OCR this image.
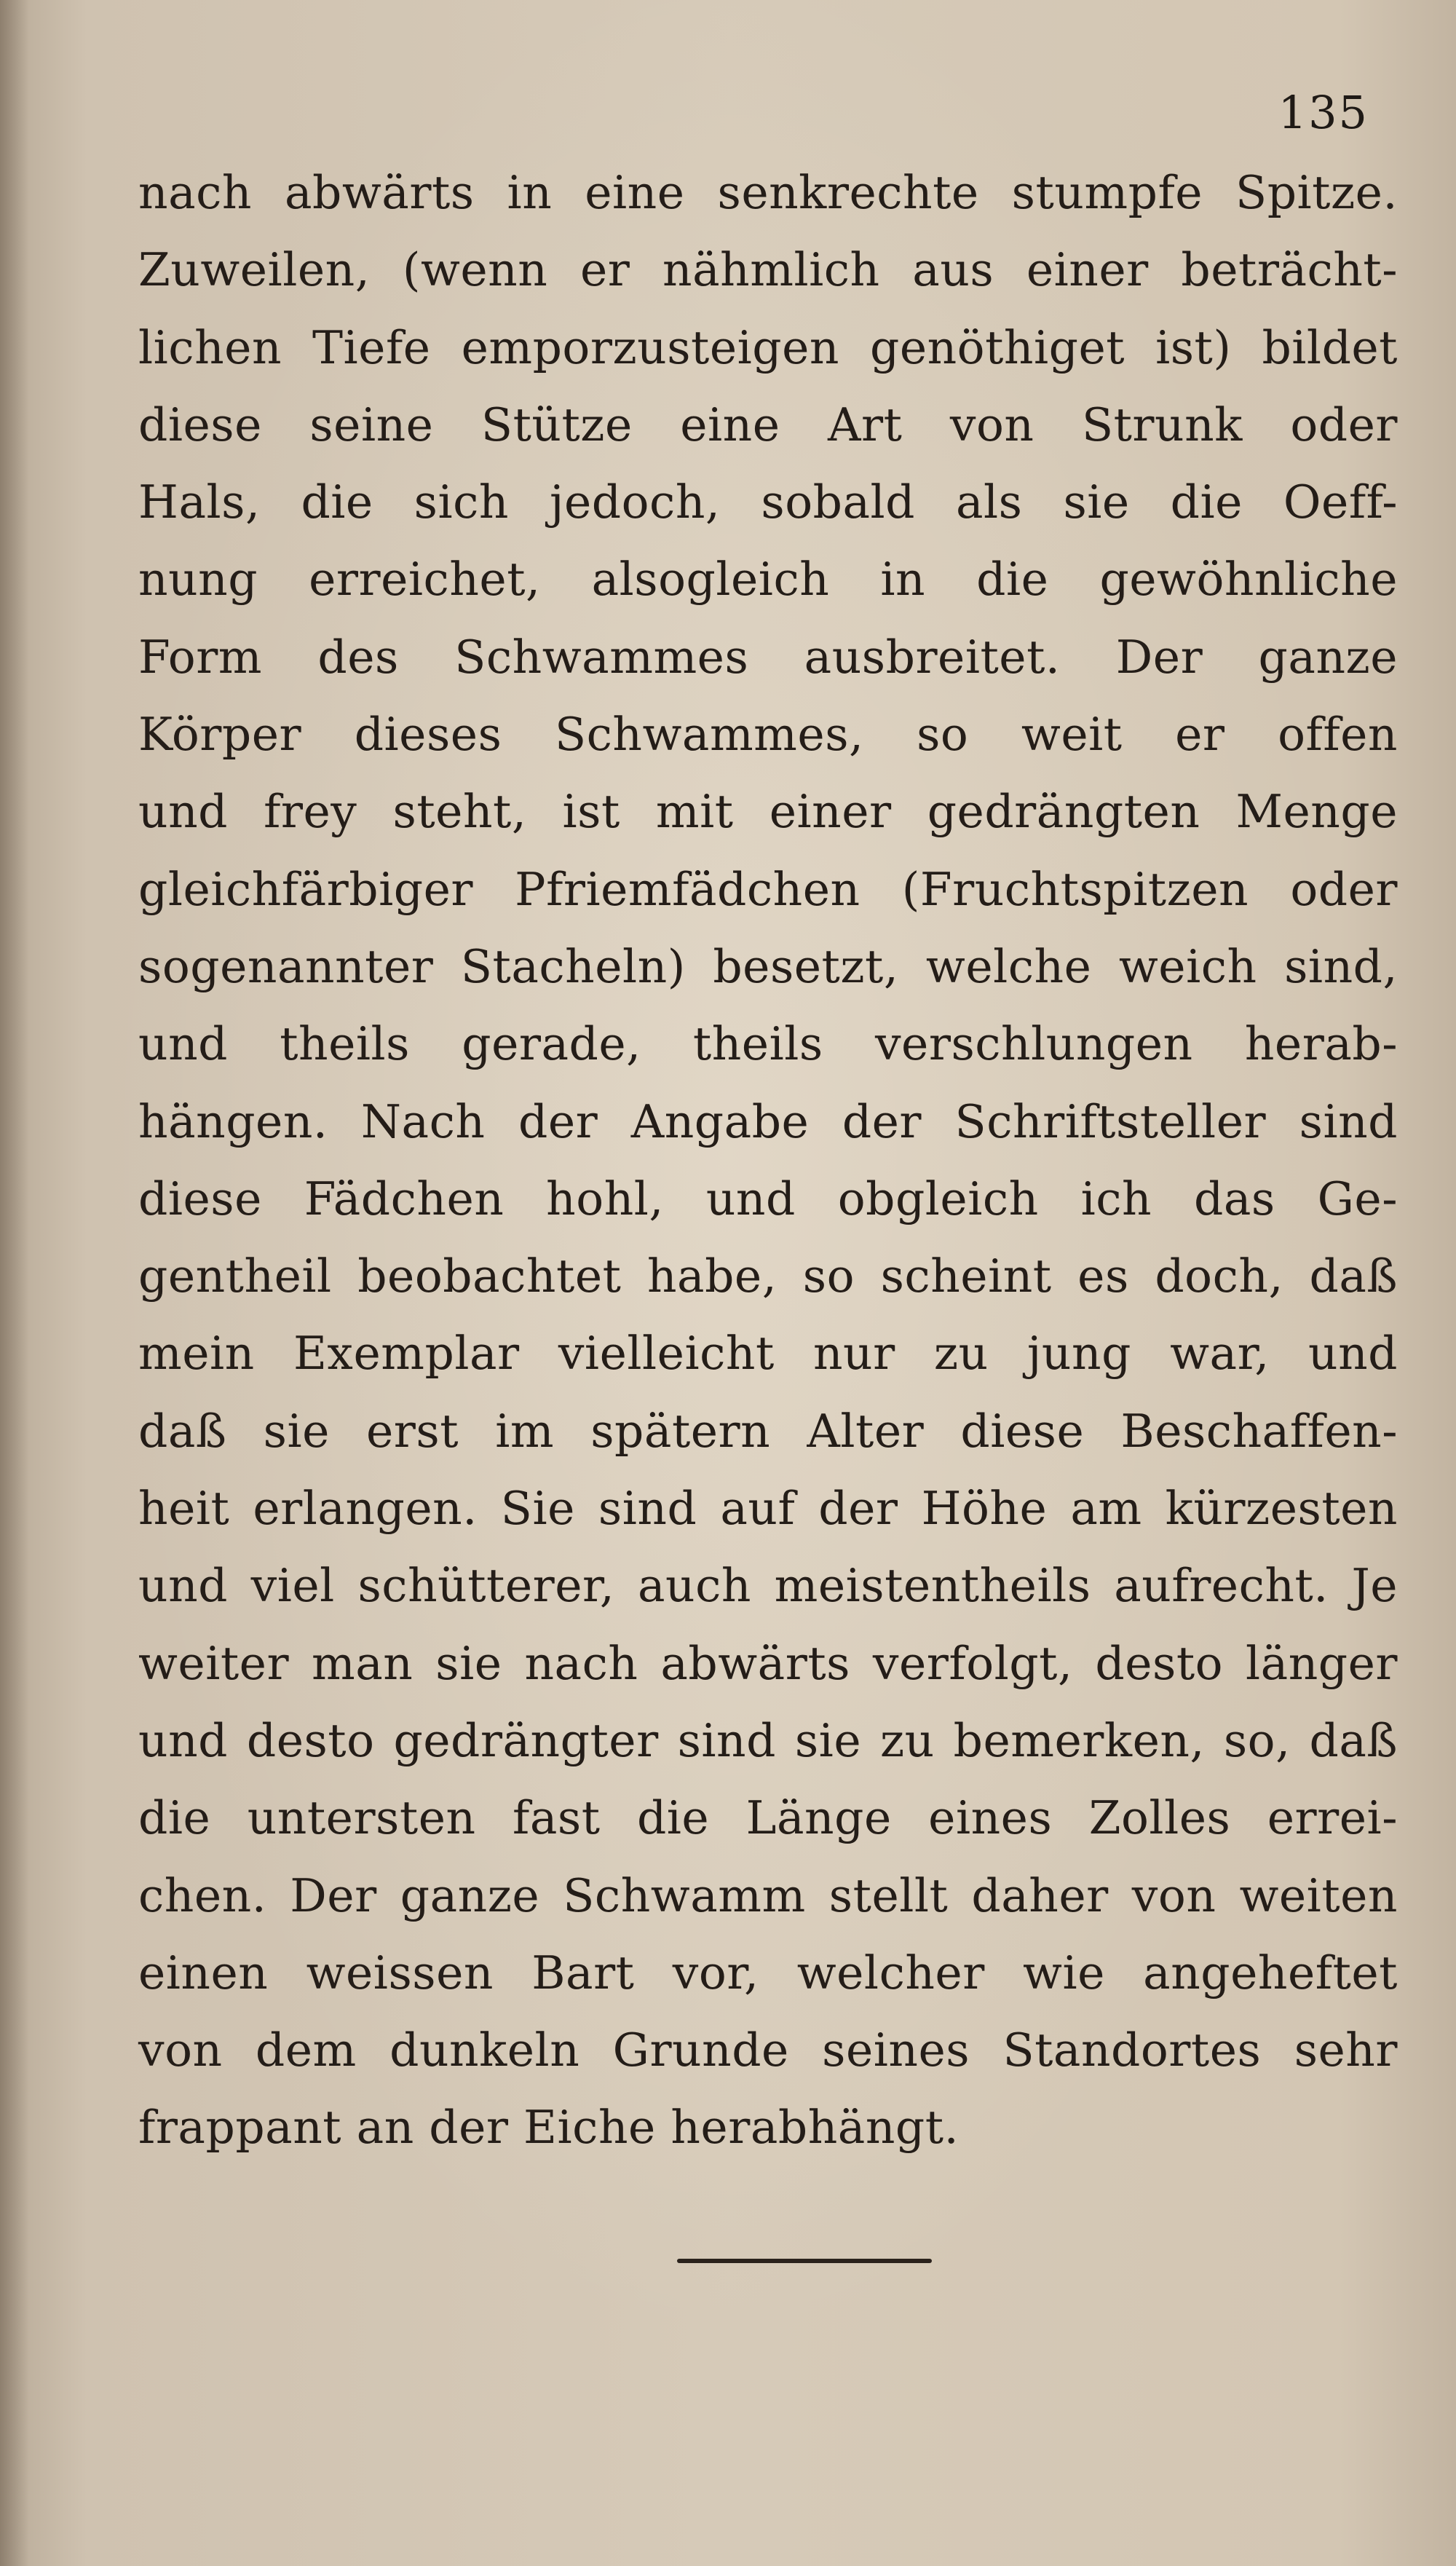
135
nach abwärts in eine senkrechte stumpfe Spitze.
Zuweilen, (wenn er nähmlich aus einer beträcht-
lichen Tiefe emporzusteigen genöthiget ist) bildet
diese seine Stütze eine Art von Strunk oder
Hals, die sich jedoch, sobald als sie die Oeff-
nung erreichet, alsogleich in die gewöhnliche
Form des Schwammes ausbreitet. Der ganze
Körper dieses Schwammes, so weit er offen
und frey steht, ist mit einer gedrängten Menge
gleichfärbiger Pfriemfädchen (Fruchtspitzen oder
sogenannter Stacheln) besetzt, welche weich sind,
und theils gerade, theils verschlungen herab-
hängen. Nach der Angabe der Schriftsteller sind
diese Fädchen hohl, und obgleich ich das Ge-
gentheil beobachtet habe, so scheint es doch, daß
mein Exemplar vielleicht nur zu jung war, und
daß sie erst im spätern Alter diese Beschaffen-
heit erlangen. Sie sind auf der Höhe am kürzesten
und viel schütterer, auch meistentheils aufrecht. Je
weiter man sie nach abwärts verfolgt, desto länger
und desto gedrängter sind sie zu bemerken, so, daß
die untersten fast die Länge eines Zolles errei-
chen. Der ganze Schwamm stellt daher von weiten
einen weissen Bart vor, welcher wie angeheftet
von dem dunkeln Grunde seines Standortes sehr
frappant an der Eiche herabhängt.
